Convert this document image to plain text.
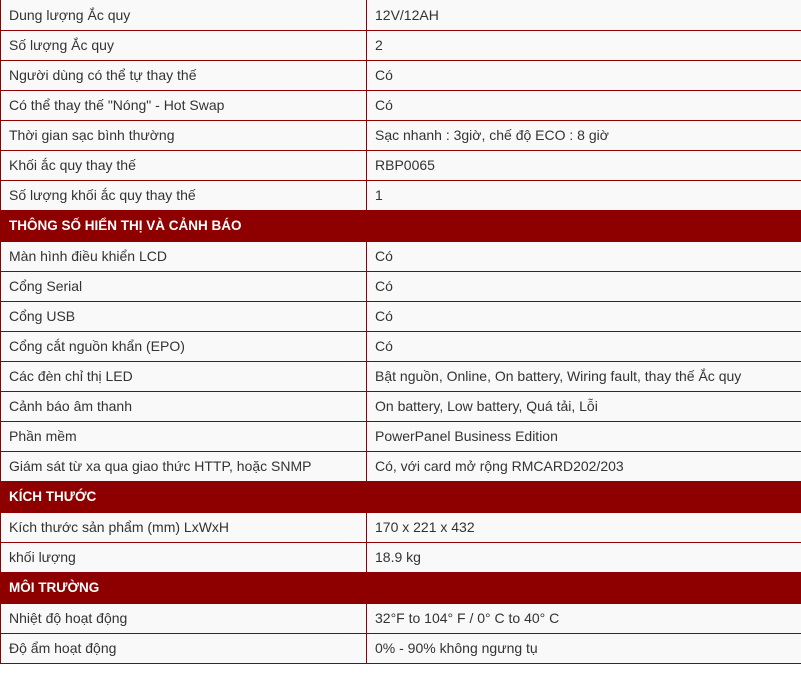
Dung lượng Ắc quy	12V/12AH
Số lượng Ắc quy	2
Người dùng có thể tự thay thế	Có
Có thể thay thế "Nóng" - Hot Swap	Có
Thời gian sạc bình thường	Sạc nhanh : 3giờ, chế độ ECO : 8 giờ
Khối ắc quy thay thế	RBP0065
Số lượng khối ắc quy thay thế	1
THÔNG SỐ HIỂN THỊ VÀ CẢNH BÁO	
Màn hình điều khiển LCD	Có
Cổng Serial	Có
Cổng USB	Có
Cổng cắt nguồn khẩn (EPO)	Có
Các đèn chỉ thị LED	Bật nguồn, Online, On battery, Wiring fault, thay thế Ắc quy
Cảnh báo âm thanh	On battery, Low battery, Quá tải, Lỗi
Phần mềm	PowerPanel Business Edition
Giám sát từ xa qua giao thức HTTP, hoặc SNMP	Có, với card mở rộng RMCARD202/203
KÍCH THƯỚC	
Kích thước sản phẩm (mm) LxWxH	170 x 221 x 432
khối lượng	18.9 kg
MÔI TRƯỜNG	
Nhiệt độ hoạt động	32°F to 104° F / 0° C to 40° C
Độ ẩm hoạt động	0% - 90% không ngưng tụ
